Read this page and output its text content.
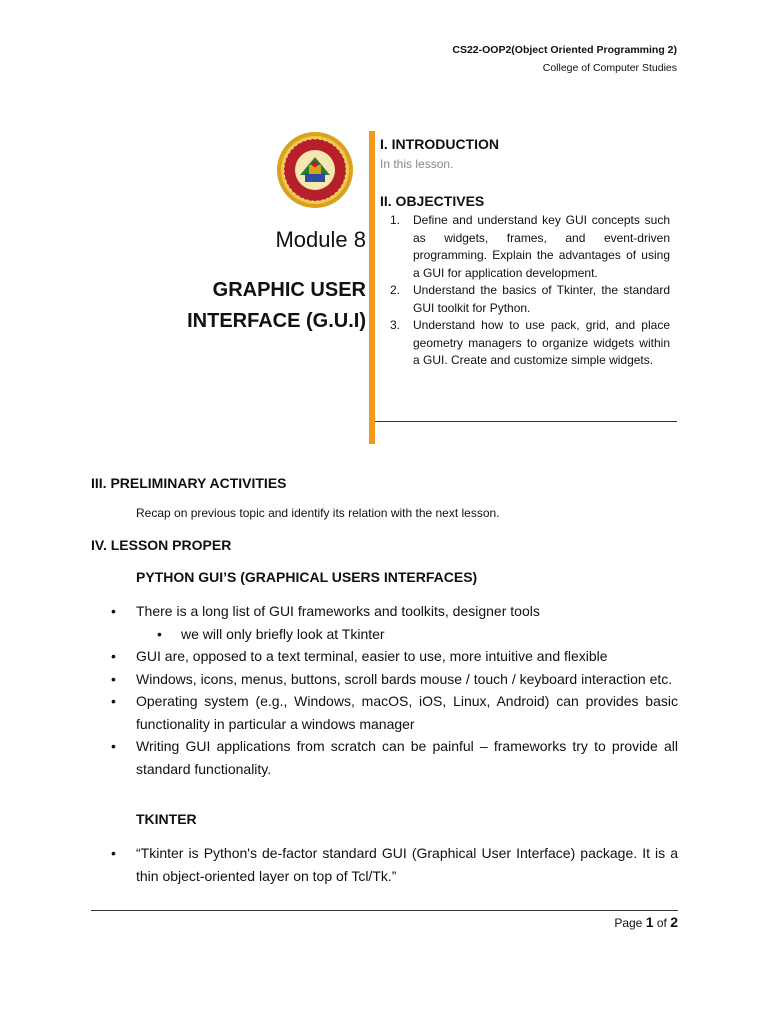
CS22-OOP2(Object Oriented Programming 2)
College of Computer Studies
Module 8
GRAPHIC USER
INTERFACE (G.U.I)
I. INTRODUCTION
In this lesson.
II. OBJECTIVES
1. Define and understand key GUI concepts such as widgets, frames, and event-driven programming. Explain the advantages of using a GUI for application development.
2. Understand the basics of Tkinter, the standard GUI toolkit for Python.
3. Understand how to use pack, grid, and place geometry managers to organize widgets within a GUI. Create and customize simple widgets.
III. PRELIMINARY ACTIVITIES
Recap on previous topic and identify its relation with the next lesson.
IV. LESSON PROPER
PYTHON GUI’S (GRAPHICAL USERS INTERFACES)
• There is a long list of GUI frameworks and toolkits, designer tools
• we will only briefly look at Tkinter
• GUI are, opposed to a text terminal, easier to use, more intuitive and flexible
• Windows, icons, menus, buttons, scroll bards mouse / touch / keyboard interaction etc.
• Operating system (e.g., Windows, macOS, iOS, Linux, Android) can provides basic functionality in particular a windows manager
• Writing GUI applications from scratch can be painful – frameworks try to provide all standard functionality.
TKINTER
• “Tkinter is Python's de-factor standard GUI (Graphical User Interface) package. It is a thin object-oriented layer on top of Tcl/Tk.”
Page 1 of 2
